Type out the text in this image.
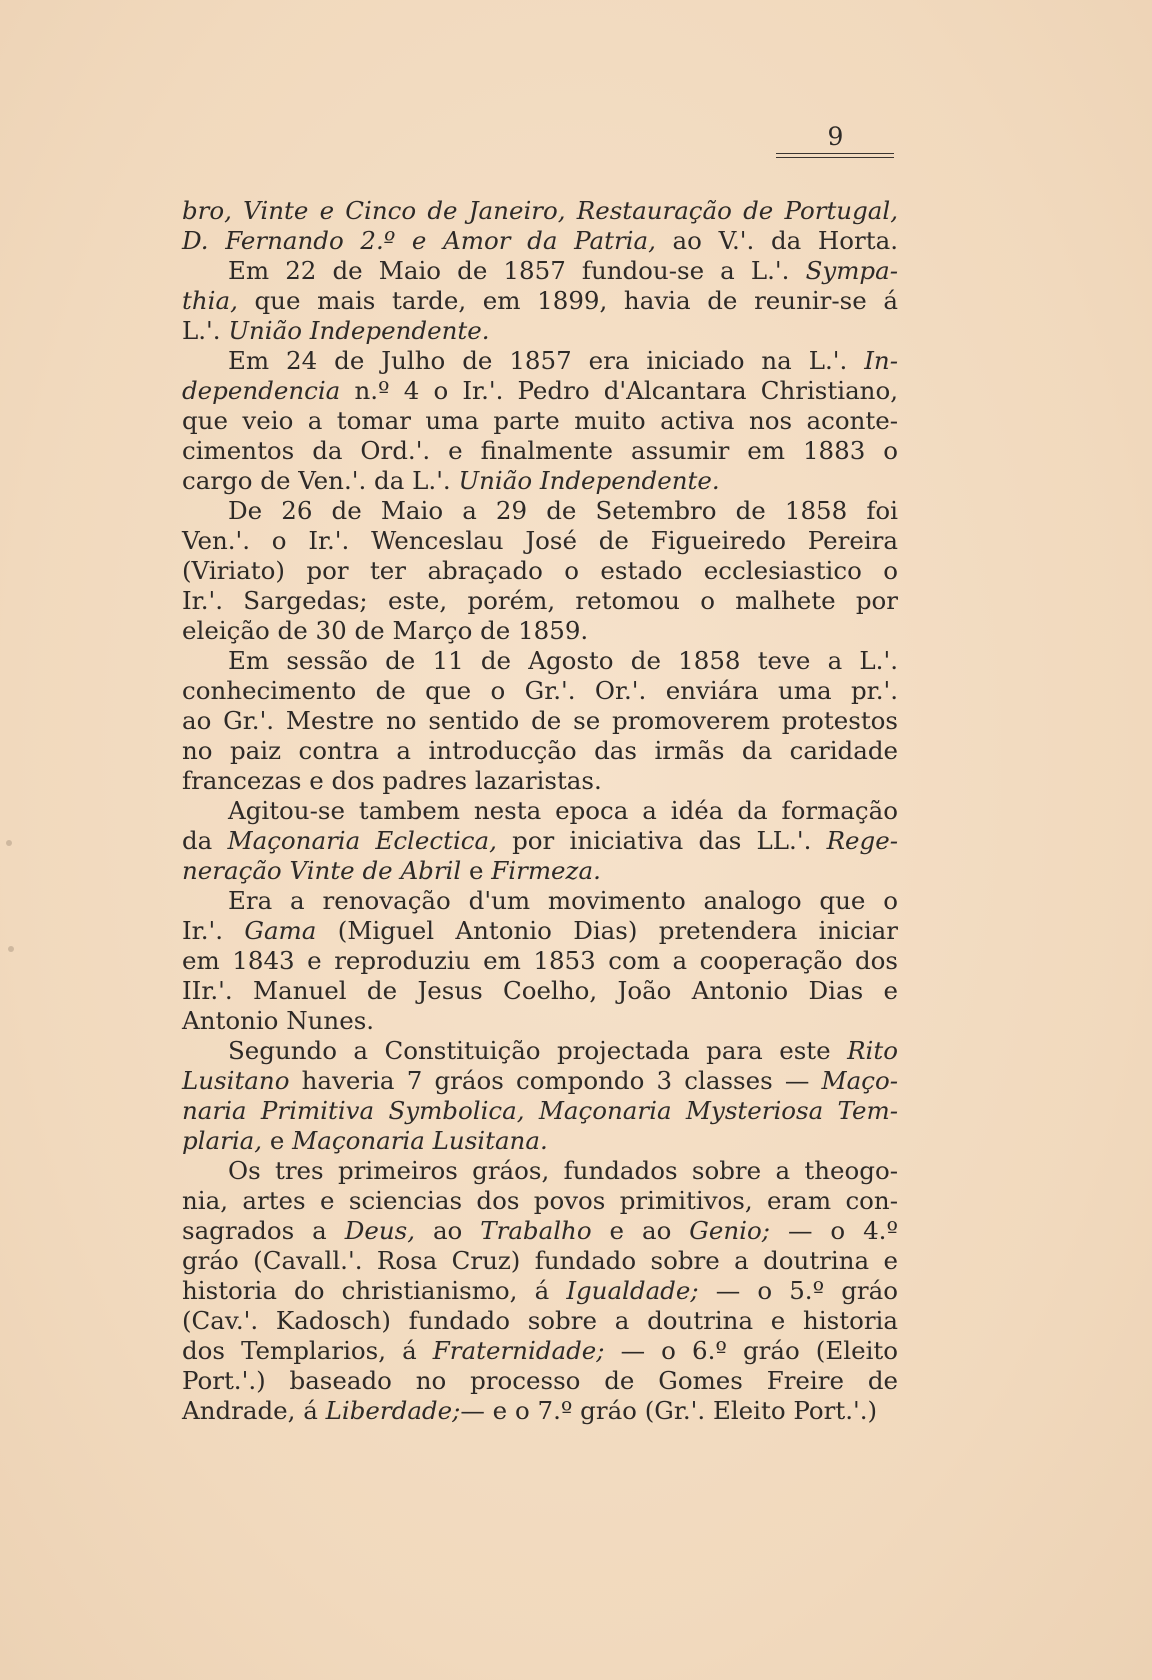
9
bro, Vinte e Cinco de Janeiro, Restauração de Portugal,
D. Fernando 2.º e Amor da Patria, ao V.'. da Horta.
Em 22 de Maio de 1857 fundou-se a L.'. Sympa-
thia, que mais tarde, em 1899, havia de reunir-se á
L.'. União Independente.
Em 24 de Julho de 1857 era iniciado na L.'. In-
dependencia n.º 4 o Ir.'. Pedro d'Alcantara Christiano,
que veio a tomar uma parte muito activa nos aconte-
cimentos da Ord.'. e finalmente assumir em 1883 o
cargo de Ven.'. da L.'. União Independente.
De 26 de Maio a 29 de Setembro de 1858 foi
Ven.'. o Ir.'. Wenceslau José de Figueiredo Pereira
(Viriato) por ter abraçado o estado ecclesiastico o
Ir.'. Sargedas; este, porém, retomou o malhete por
eleição de 30 de Março de 1859.
Em sessão de 11 de Agosto de 1858 teve a L.'.
conhecimento de que o Gr.'. Or.'. enviára uma pr.'.
ao Gr.'. Mestre no sentido de se promoverem protestos
no paiz contra a introducção das irmãs da caridade
francezas e dos padres lazaristas.
Agitou-se tambem nesta epoca a idéa da formação
da Maçonaria Eclectica, por iniciativa das LL.'. Rege-
neração Vinte de Abril e Firmeza.
Era a renovação d'um movimento analogo que o
Ir.'. Gama (Miguel Antonio Dias) pretendera iniciar
em 1843 e reproduziu em 1853 com a cooperação dos
IIr.'. Manuel de Jesus Coelho, João Antonio Dias e
Antonio Nunes.
Segundo a Constituição projectada para este Rito
Lusitano haveria 7 gráos compondo 3 classes — Maço-
naria Primitiva Symbolica, Maçonaria Mysteriosa Tem-
plaria, e Maçonaria Lusitana.
Os tres primeiros gráos, fundados sobre a theogo-
nia, artes e sciencias dos povos primitivos, eram con-
sagrados a Deus, ao Trabalho e ao Genio; — o 4.º
gráo (Cavall.'. Rosa Cruz) fundado sobre a doutrina e
historia do christianismo, á Igualdade; — o 5.º gráo
(Cav.'. Kadosch) fundado sobre a doutrina e historia
dos Templarios, á Fraternidade; — o 6.º gráo (Eleito
Port.'.) baseado no processo de Gomes Freire de
Andrade, á Liberdade;— e o 7.º gráo (Gr.'. Eleito Port.'.)
